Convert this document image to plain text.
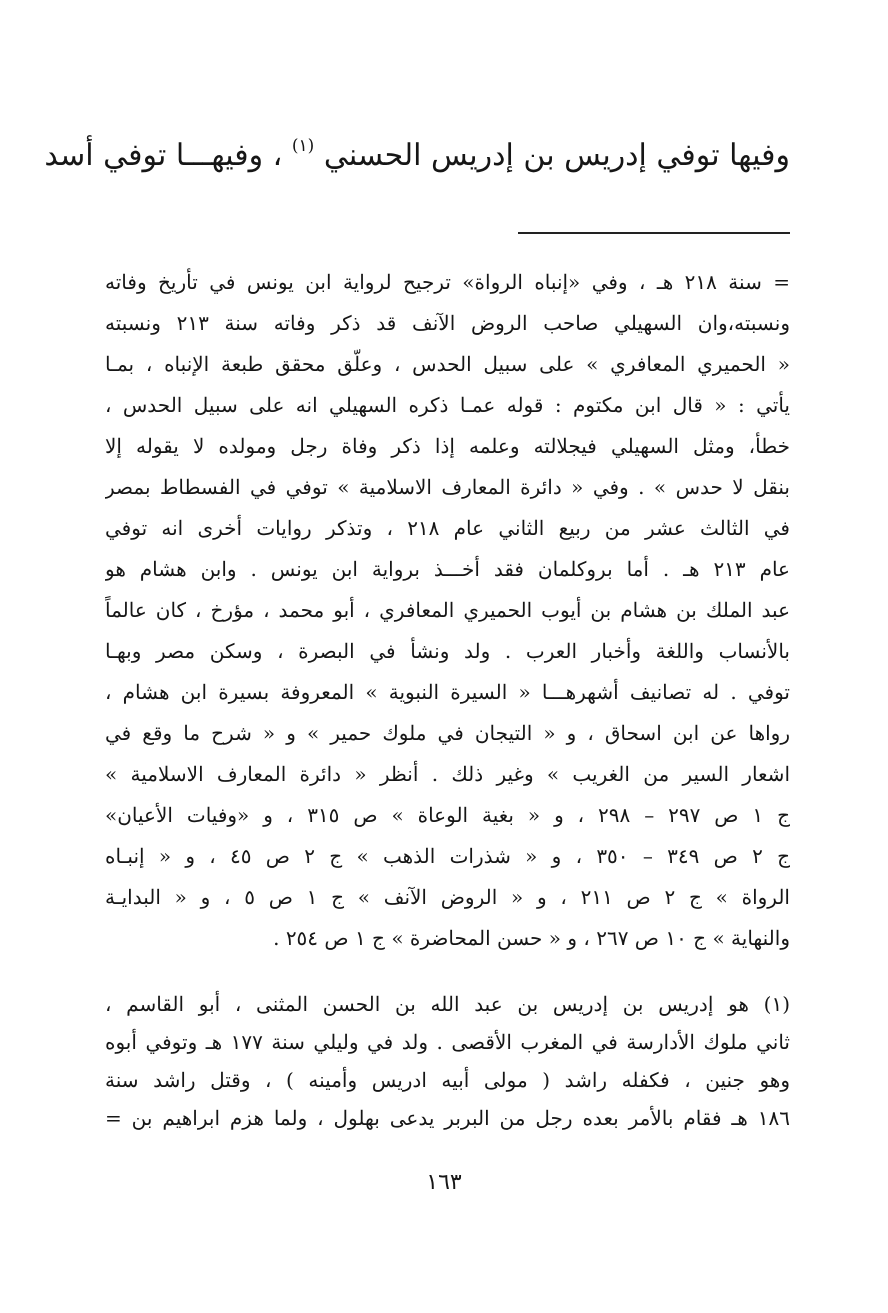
وفيها توفي إدريس بن إدريس الحسني $^{(١)}$ ، وفيهـــا توفي أسد
= سنة ٢١٨ هـ ، وفي «إنباه الرواة» ترجيح لرواية ابن يونس في تأريخ وفاته
ونسبته،وان السهيلي صاحب الروض الآنف قد ذكر وفاته سنة ٢١٣ ونسبته
« الحميري المعافري » على سبيل الحدس ، وعلّق محقق طبعة الإنباه ، بمـا
يأتي : « قال ابن مكتوم : قوله عمـا ذكره السهيلي انه على سبيل الحدس ،
خطأ، ومثل السهيلي فيجلالته وعلمه إذا ذكر وفاة رجل ومولده لا يقوله إلا
بنقل لا حدس » . وفي « دائرة المعارف الاسلامية » توفي في الفسطاط بمصر
في الثالث عشر من ربيع الثاني عام ٢١٨ ، وتذكر روايات أخرى انه توفي
عام ٢١٣ هـ . أما بروكلمان فقد أخـــذ برواية ابن يونس . وابن هشام هو
عبد الملك بن هشام بن أيوب الحميري المعافري ، أبو محمد ، مؤرخ ، كان عالماً
بالأنساب واللغة وأخبار العرب . ولد ونشأ في البصرة ، وسكن مصر وبهـا
توفي . له تصانيف أشهرهـــا « السيرة النبوية » المعروفة بسيرة ابن هشام ،
رواها عن ابن اسحاق ، و « التيجان في ملوك حمير » و « شرح ما وقع في
اشعار السير من الغريب » وغير ذلك . أنظر « دائرة المعارف الاسلامية »
ج ١ ص ٢٩٧ – ٢٩٨ ، و « بغية الوعاة » ص ٣١٥ ، و «وفيات الأعيان»
ج ٢ ص ٣٤٩ – ٣٥٠ ، و « شذرات الذهب » ج ٢ ص ٤٥ ، و « إنبـاه
الرواة » ج ٢ ص ٢١١ ، و « الروض الآنف » ج ١ ص ٥ ، و « البدايـة
والنهاية » ج ١٠ ص ٢٦٧ ، و « حسن المحاضرة » ج ١ ص ٢٥٤ .
(١) هو إدريس بن إدريس بن عبد الله بن الحسن المثنى ، أبو القاسم ،
ثاني ملوك الأدارسة في المغرب الأقصى . ولد في وليلي سنة ١٧٧ هـ وتوفي أبوه
وهو جنين ، فكفله راشد ( مولى أبيه ادريس وأمينه ) ، وقتل راشد سنة
١٨٦ هـ فقام بالأمر بعده رجل من البربر يدعى بهلول ، ولما هزم ابراهيم بن =
١٦٣
